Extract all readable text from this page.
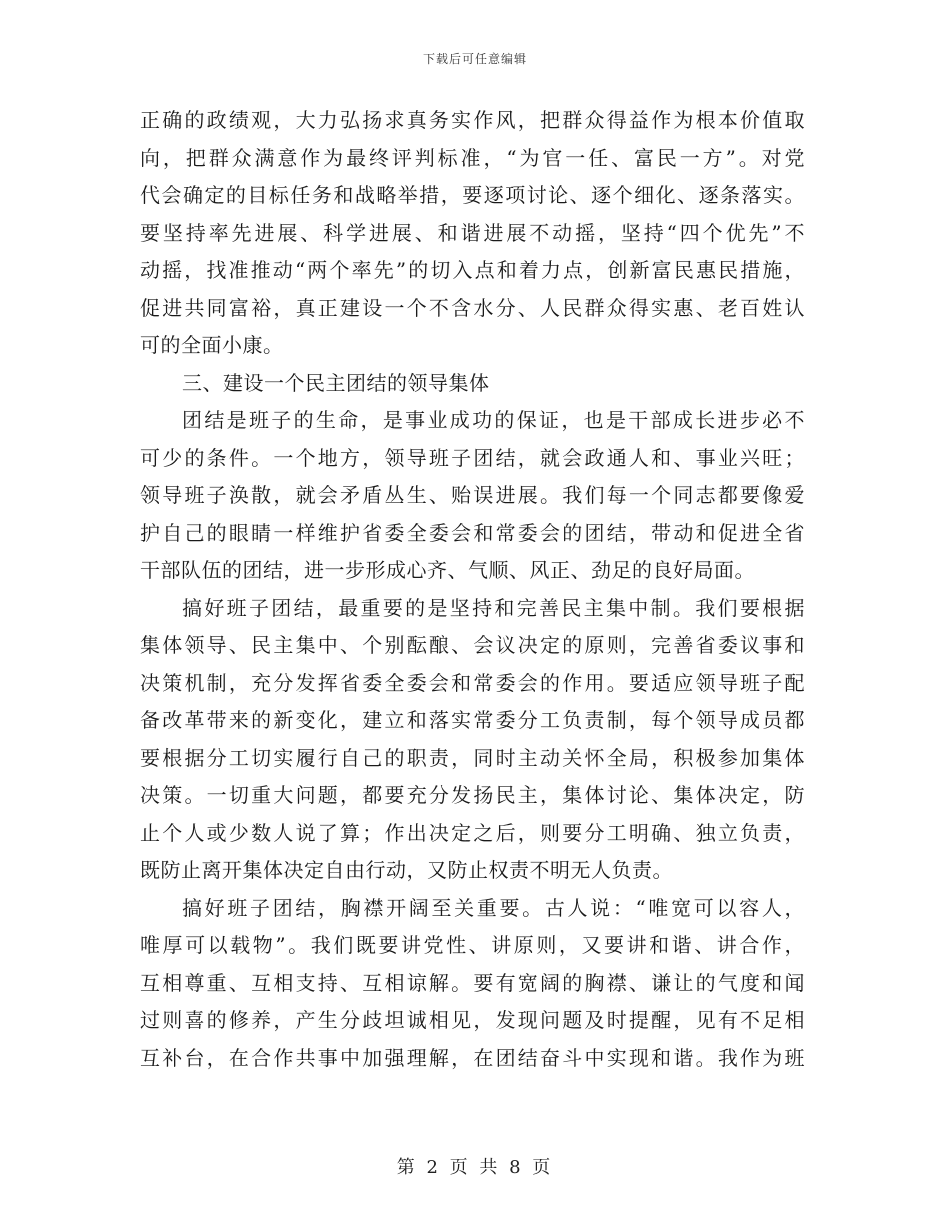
下载后可任意编辑
正确的政绩观，大力弘扬求真务实作风，把群众得益作为根本价值取
向，把群众满意作为最终评判标准，“为官一任、富民一方”。对党
代会确定的目标任务和战略举措，要逐项讨论、逐个细化、逐条落实。
要坚持率先进展、科学进展、和谐进展不动摇，坚持“四个优先”不
动摇，找准推动“两个率先”的切入点和着力点，创新富民惠民措施，
促进共同富裕，真正建设一个不含水分、人民群众得实惠、老百姓认
可的全面小康。
三、建设一个民主团结的领导集体
团结是班子的生命，是事业成功的保证，也是干部成长进步必不
可少的条件。一个地方，领导班子团结，就会政通人和、事业兴旺；
领导班子涣散，就会矛盾丛生、贻误进展。我们每一个同志都要像爱
护自己的眼睛一样维护省委全委会和常委会的团结，带动和促进全省
干部队伍的团结，进一步形成心齐、气顺、风正、劲足的良好局面。
搞好班子团结，最重要的是坚持和完善民主集中制。我们要根据
集体领导、民主集中、个别酝酿、会议决定的原则，完善省委议事和
决策机制，充分发挥省委全委会和常委会的作用。要适应领导班子配
备改革带来的新变化，建立和落实常委分工负责制，每个领导成员都
要根据分工切实履行自己的职责，同时主动关怀全局，积极参加集体
决策。一切重大问题，都要充分发扬民主，集体讨论、集体决定，防
止个人或少数人说了算；作出决定之后，则要分工明确、独立负责，
既防止离开集体决定自由行动，又防止权责不明无人负责。
搞好班子团结，胸襟开阔至关重要。古人说：“唯宽可以容人，
唯厚可以载物”。我们既要讲党性、讲原则，又要讲和谐、讲合作，
互相尊重、互相支持、互相谅解。要有宽阔的胸襟、谦让的气度和闻
过则喜的修养，产生分歧坦诚相见，发现问题及时提醒，见有不足相
互补台，在合作共事中加强理解，在团结奋斗中实现和谐。我作为班
第 2 页 共 8 页
